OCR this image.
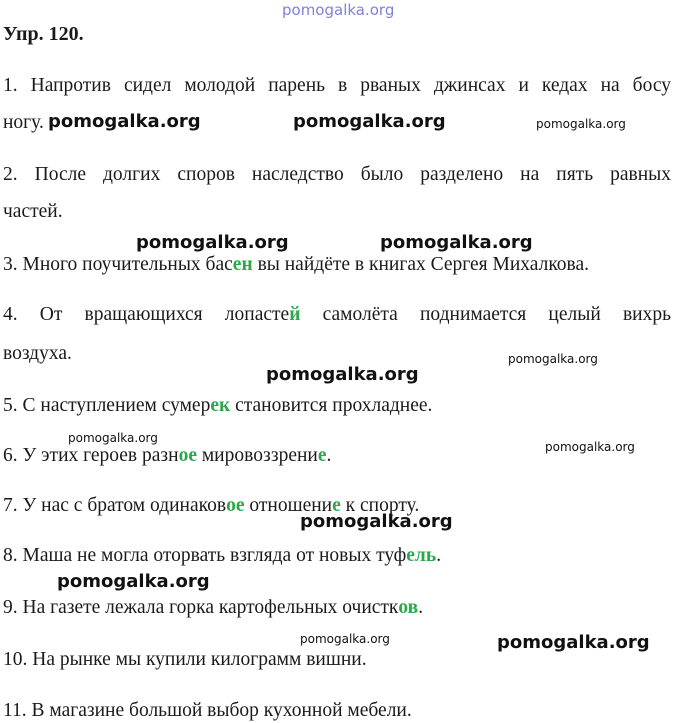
pomogalka.org
pomogalka.org	pomogalka.org	pomogalka.org
pomogalka.org	pomogalka.org
pomogalka.org
pomogalka.org
pomogalka.org
pomogalka.org
pomogalka.org
pomogalka.org
pomogalka.org	pomogalka.org
Упр. 120.
1. Напротив сидел молодой парень в рваных джинсах и кедах на босу
ногу.
2. После долгих споров наследство было разделено на пять равных
частей.
3. Много поучительных басен вы найдёте в книгах Сергея Михалкова.
4. От вращающихся лопастей самолёта поднимается целый вихрь
воздуха.
5. С наступлением сумерек становится прохладнее.
6. У этих героев разное мировоззрение.
7. У нас с братом одинаковое отношение к спорту.
8. Маша не могла оторвать взгляда от новых туфель.
9. На газете лежала горка картофельных очистков.
10. На рынке мы купили килограмм вишни.
11. В магазине большой выбор кухонной мебели.
